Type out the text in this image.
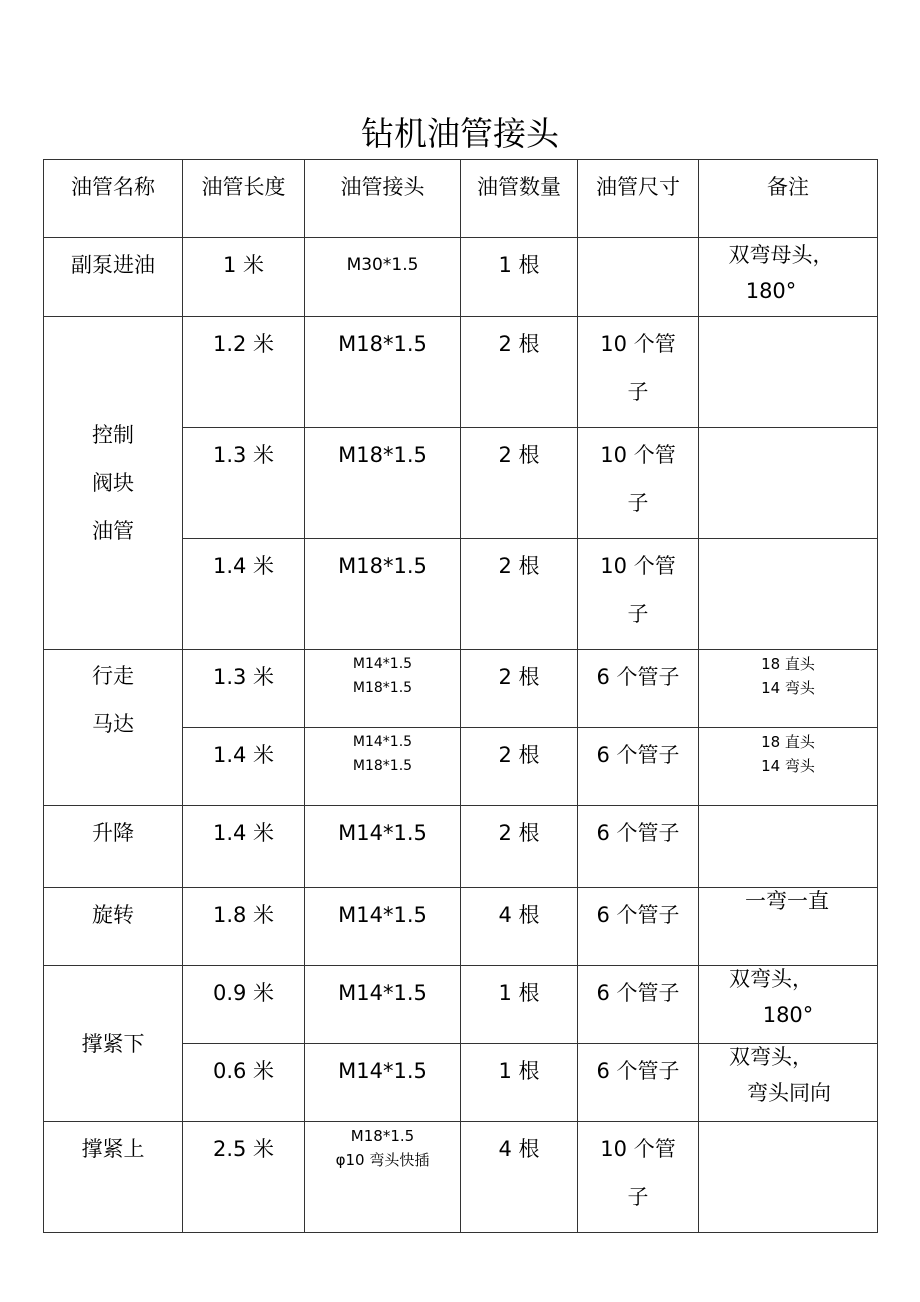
钻机油管接头
油管名称	油管长度	油管接头	油管数量	油管尺寸	备注

副泵进油	1 米	M30*1.5	1 根		双弯母头，
180°

控制
阀块
油管	1.2 米	M18*1.5	2 根	10 个管
子	

	1.3 米	M18*1.5	2 根	10 个管
子	

	1.4 米	M18*1.5	2 根	10 个管
子	

行走
马达	1.3 米	M14*1.5
M18*1.5	2 根	6 个管子	18 直头
14 弯头

	1.4 米	M14*1.5
M18*1.5	2 根	6 个管子	18 直头
14 弯头

升降	1.4 米	M14*1.5	2 根	6 个管子	

旋转	1.8 米	M14*1.5	4 根	6 个管子	一弯一直

撑紧下	0.9 米	M14*1.5	1 根	6 个管子	双弯头，
180°

	0.6 米	M14*1.5	1 根	6 个管子	双弯头，
弯头同向

撑紧上	2.5 米	M18*1.5
φ10 弯头快插	4 根	10 个管
子	
